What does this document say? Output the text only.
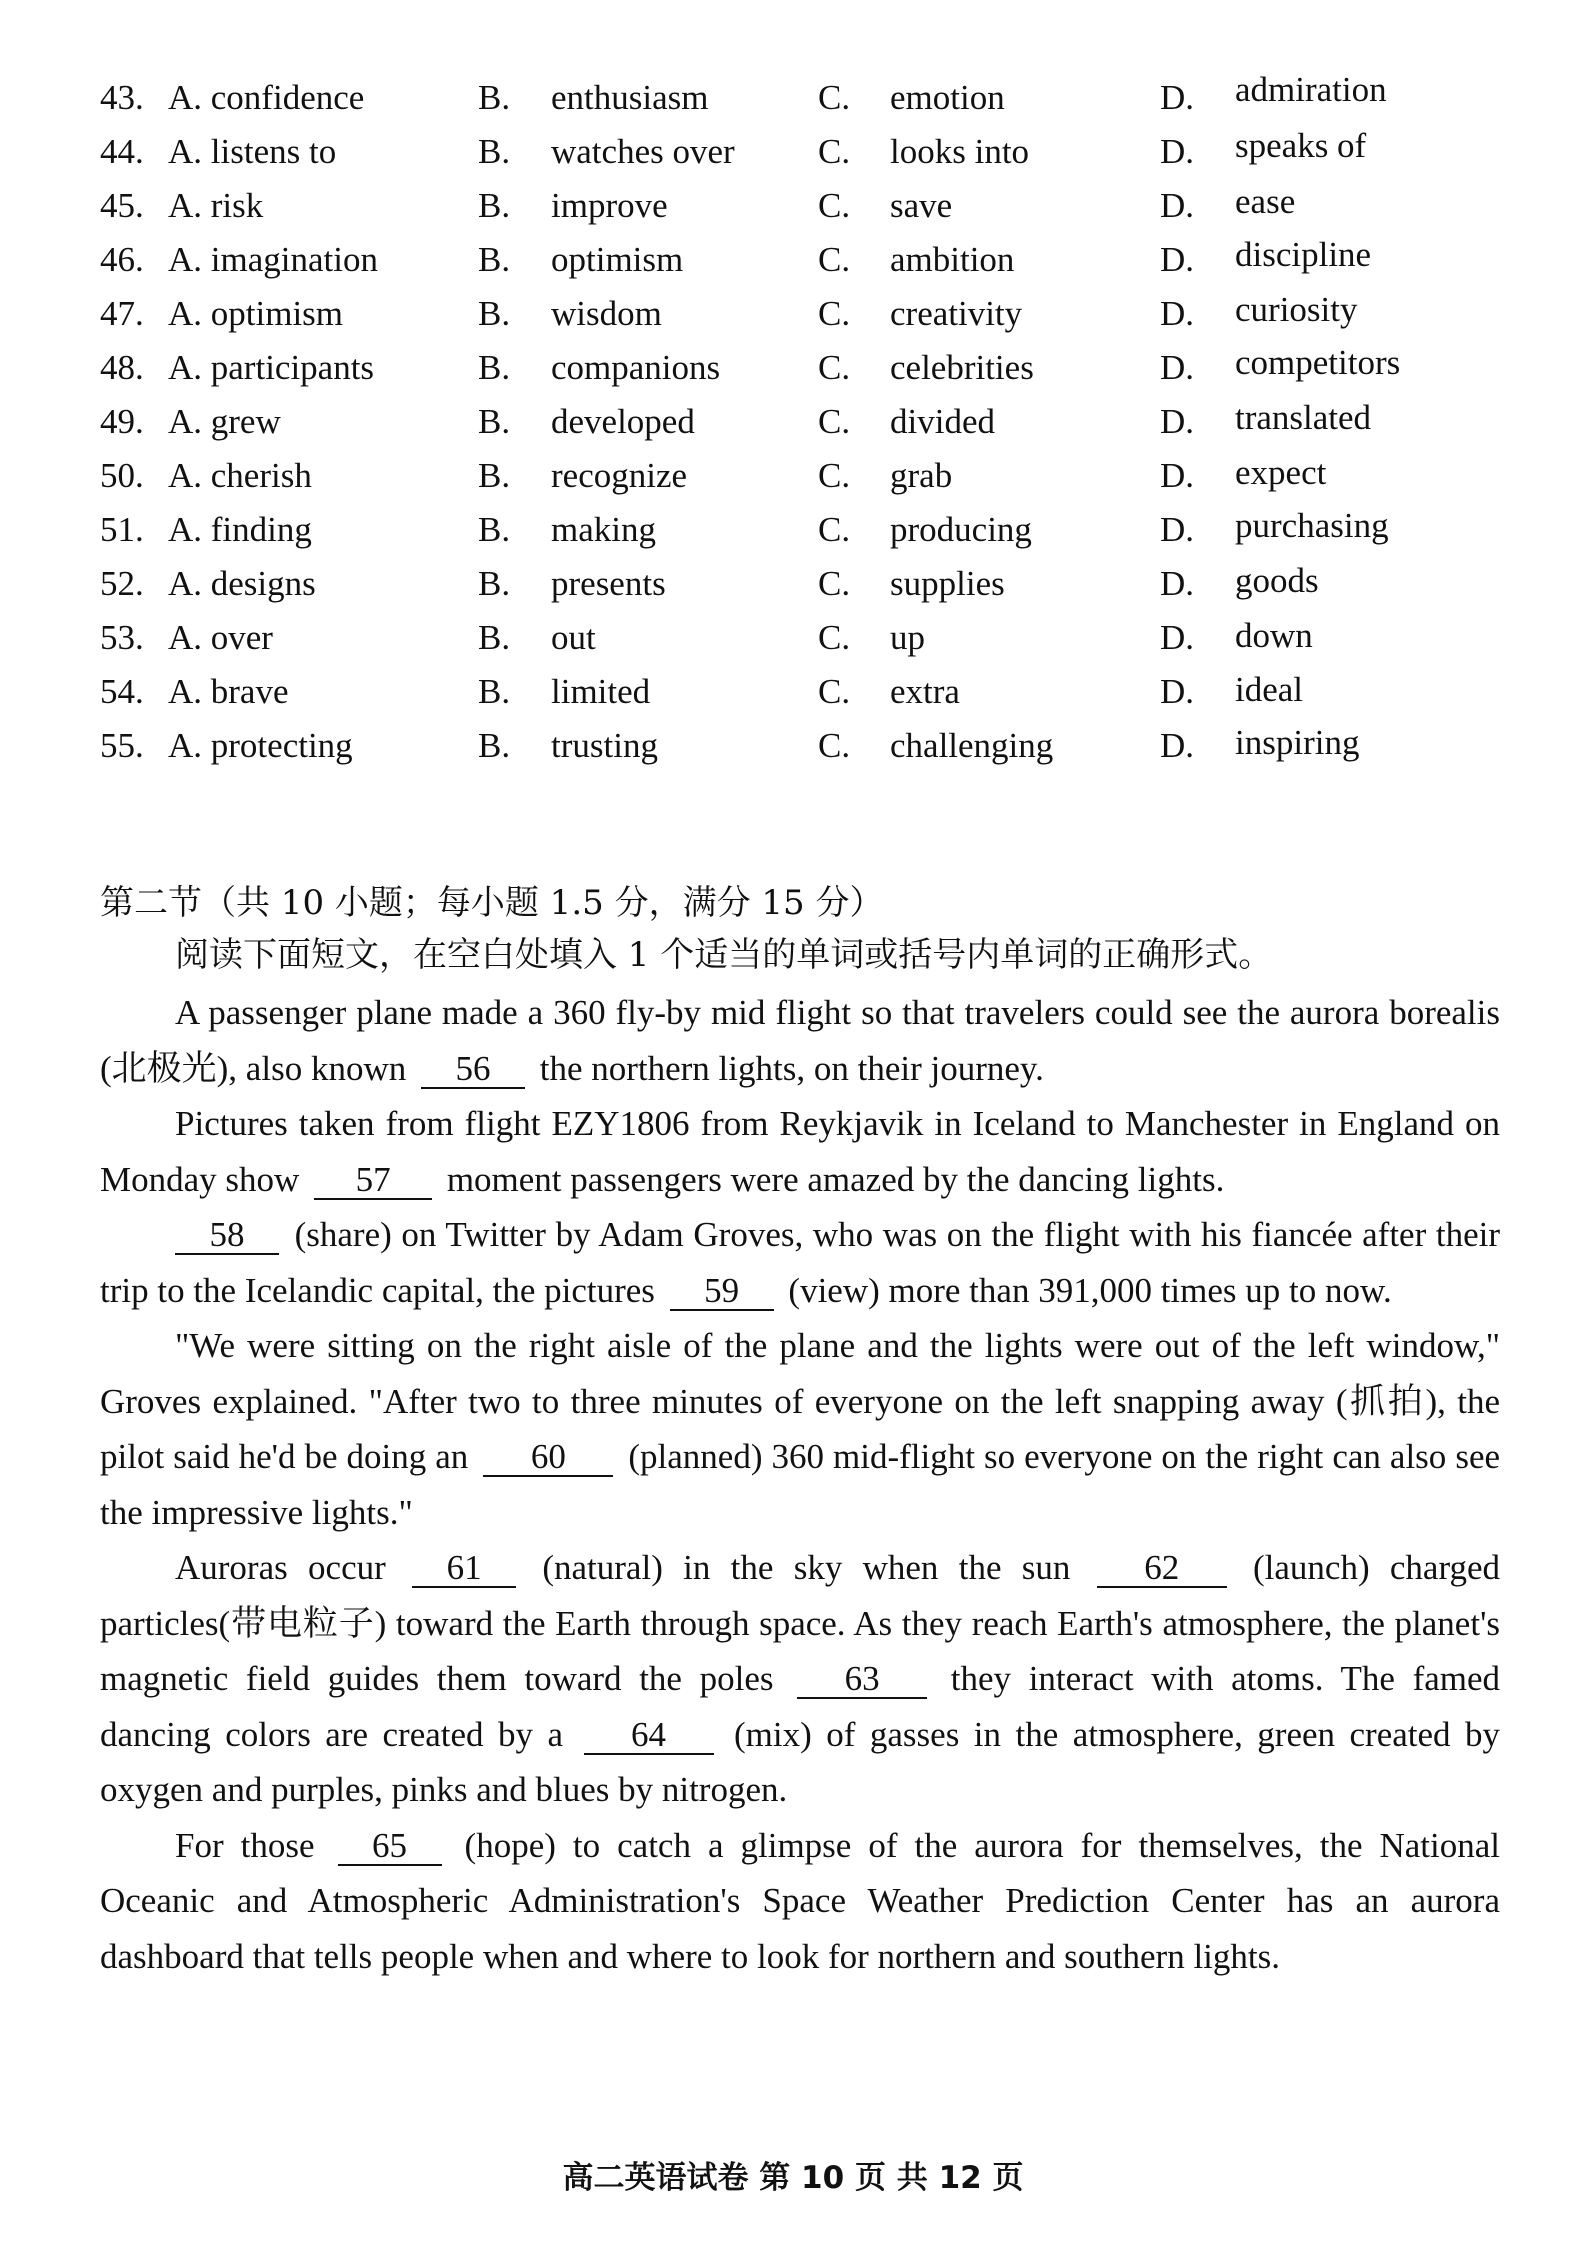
43. A. confidence	B. enthusiasm	C. emotion	D. admiration
44. A. listens to	B. watches over C. looks into	D. speaks of
45. A. risk	B. improve	C. save	D. ease
46. A. imagination	B. optimism	C. ambition	D. discipline
47. A. optimism	B. wisdom	C. creativity	D. curiosity
48. A. participants	B. companions	C. celebrities	D. competitors
49. A. grew	B. developed	C. divided	D. translated
50. A. cherish	B. recognize	C. grab	D. expect
51. A. finding	B. making	C. producing	D. purchasing
52. A. designs	B. presents	C. supplies	D. goods
53. A. over	B. out	C. up	D. down
54. A. brave	B. limited	C. extra	D. ideal
55. A. protecting	B. trusting	C. challenging	D. inspiring
第二节（共 10 小题；每小题 1.5 分，满分 15 分）
阅读下面短文，在空白处填入 1 个适当的单词或括号内单词的正确形式。

A passenger plane made a 360 fly-by mid flight so that travelers could see the aurora borealis (北极光), also known 56 the northern lights, on their journey.

Pictures taken from flight EZY1806 from Reykjavik in Iceland to Manchester in England on Monday show 57 moment passengers were amazed by the dancing lights.

58 (share) on Twitter by Adam Groves, who was on the flight with his fiancée after their trip to the Icelandic capital, the pictures 59 (view) more than 391,000 times up to now.

"We were sitting on the right aisle of the plane and the lights were out of the left window," Groves explained. "After two to three minutes of everyone on the left snapping away (抓拍), the pilot said he'd be doing an 60 (planned) 360 mid-flight so everyone on the right can also see the impressive lights."

Auroras occur 61 (natural) in the sky when the sun 62 (launch) charged particles(带电粒子) toward the Earth through space. As they reach Earth's atmosphere, the planet's magnetic field guides them toward the poles 63 they interact with atoms. The famed dancing colors are created by a 64 (mix) of gasses in the atmosphere, green created by oxygen and purples, pinks and blues by nitrogen.

For those 65 (hope) to catch a glimpse of the aurora for themselves, the National Oceanic and Atmospheric Administration's Space Weather Prediction Center has an aurora dashboard that tells people when and where to look for northern and southern lights.

高二英语试卷 第 10 页 共 12 页
